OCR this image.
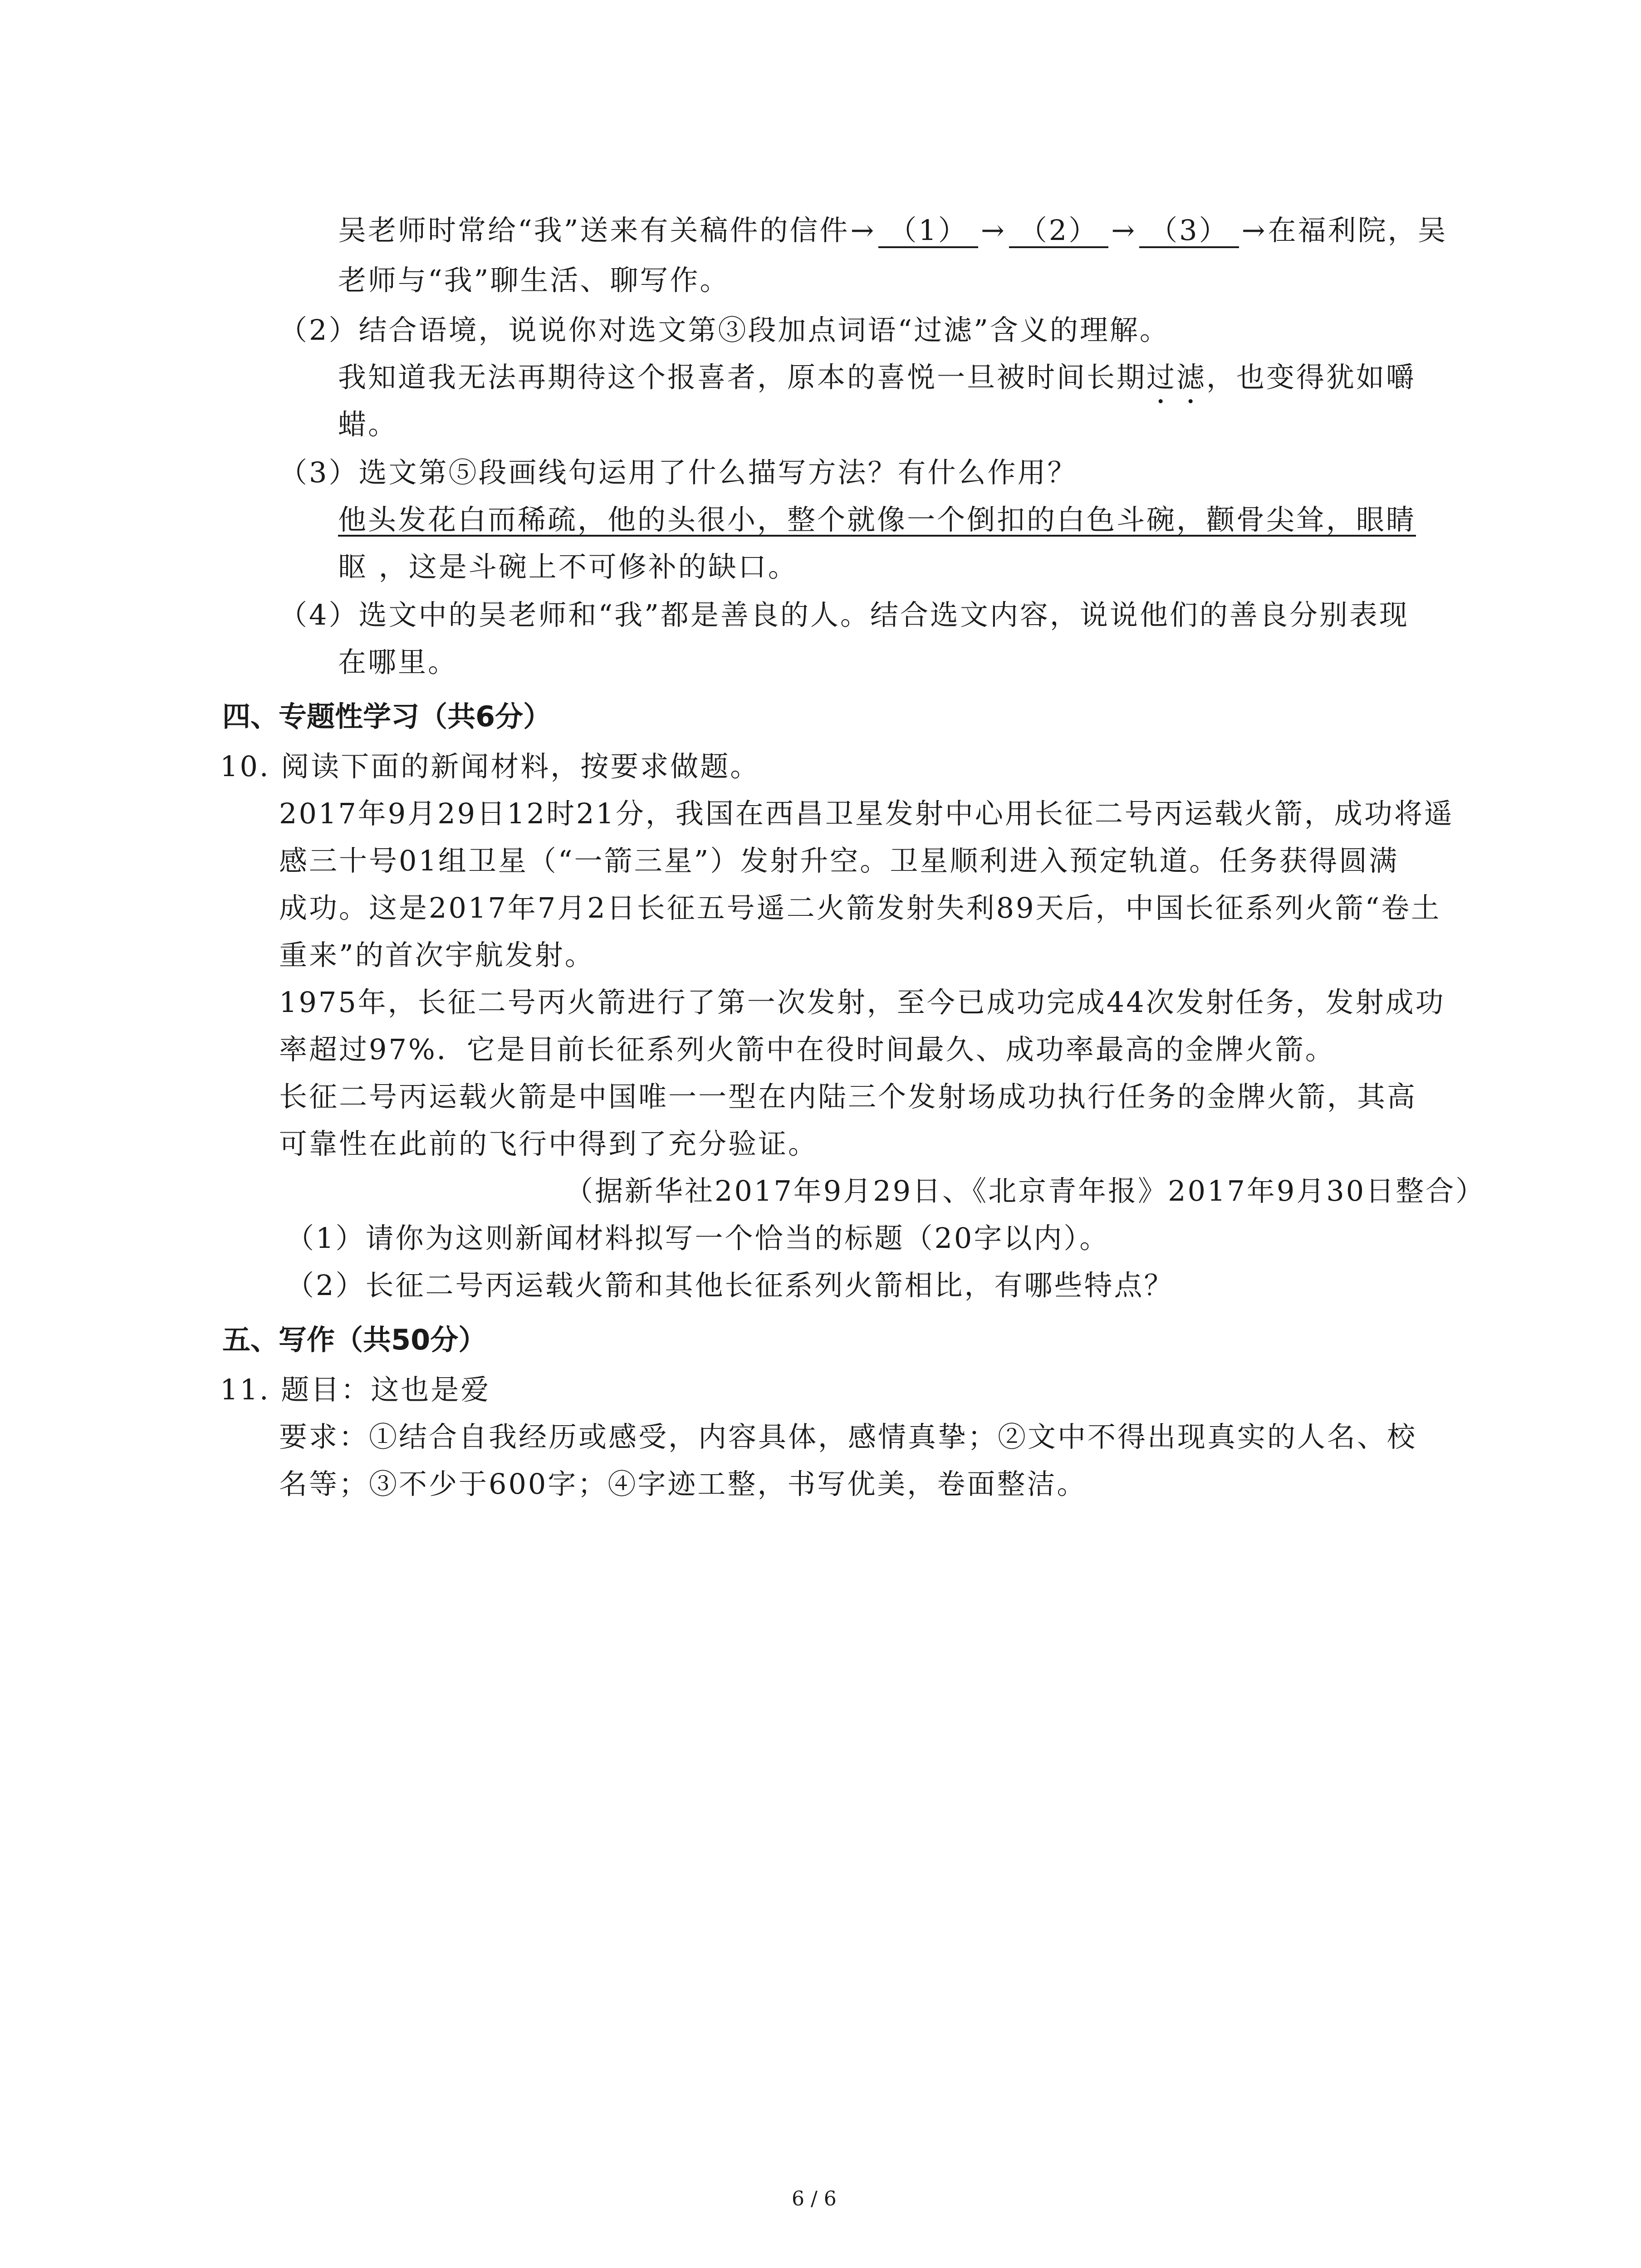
吴老师时常给“我”送来有关稿件的信件→ （1） → （2） → （3） →在福利院，吴
老师与“我”聊生活、聊写作。
（2）结合语境，说说你对选文第③段加点词语“过滤”含义的理解。
我知道我无法再期待这个报喜者，原本的喜悦一旦被时间长期过滤，也变得犹如嚼
蜡。
（3）选文第⑤段画线句运用了什么描写方法？有什么作用？
他头发花白而稀疏，他的头很小，整个就像一个倒扣的白色斗碗，颧骨尖耸，眼睛
眍 ，这是斗碗上不可修补的缺口。
（4）选文中的吴老师和“我”都是善良的人。结合选文内容，说说他们的善良分别表现
在哪里。
四、专题性学习（共6分）
10. 阅读下面的新闻材料，按要求做题。
2017年9月29日12时21分，我国在西昌卫星发射中心用长征二号丙运载火箭，成功将遥
感三十号01组卫星（“一箭三星”）发射升空。卫星顺利进入预定轨道。任务获得圆满
成功。这是2017年7月2日长征五号遥二火箭发射失利89天后，中国长征系列火箭“卷土
重来”的首次宇航发射。
1975年，长征二号丙火箭进行了第一次发射，至今已成功完成44次发射任务，发射成功
率超过97%．它是目前长征系列火箭中在役时间最久、成功率最高的金牌火箭。
长征二号丙运载火箭是中国唯一一型在内陆三个发射场成功执行任务的金牌火箭，其高
可靠性在此前的飞行中得到了充分验证。
（据新华社2017年9月29日、《北京青年报》2017年9月30日整合）
（1）请你为这则新闻材料拟写一个恰当的标题（20字以内）。
（2）长征二号丙运载火箭和其他长征系列火箭相比，有哪些特点？
五、写作（共50分）
11. 题目：这也是爱
要求：①结合自我经历或感受，内容具体，感情真挚；②文中不得出现真实的人名、校
名等；③不少于600字；④字迹工整，书写优美，卷面整洁。
6 / 6
